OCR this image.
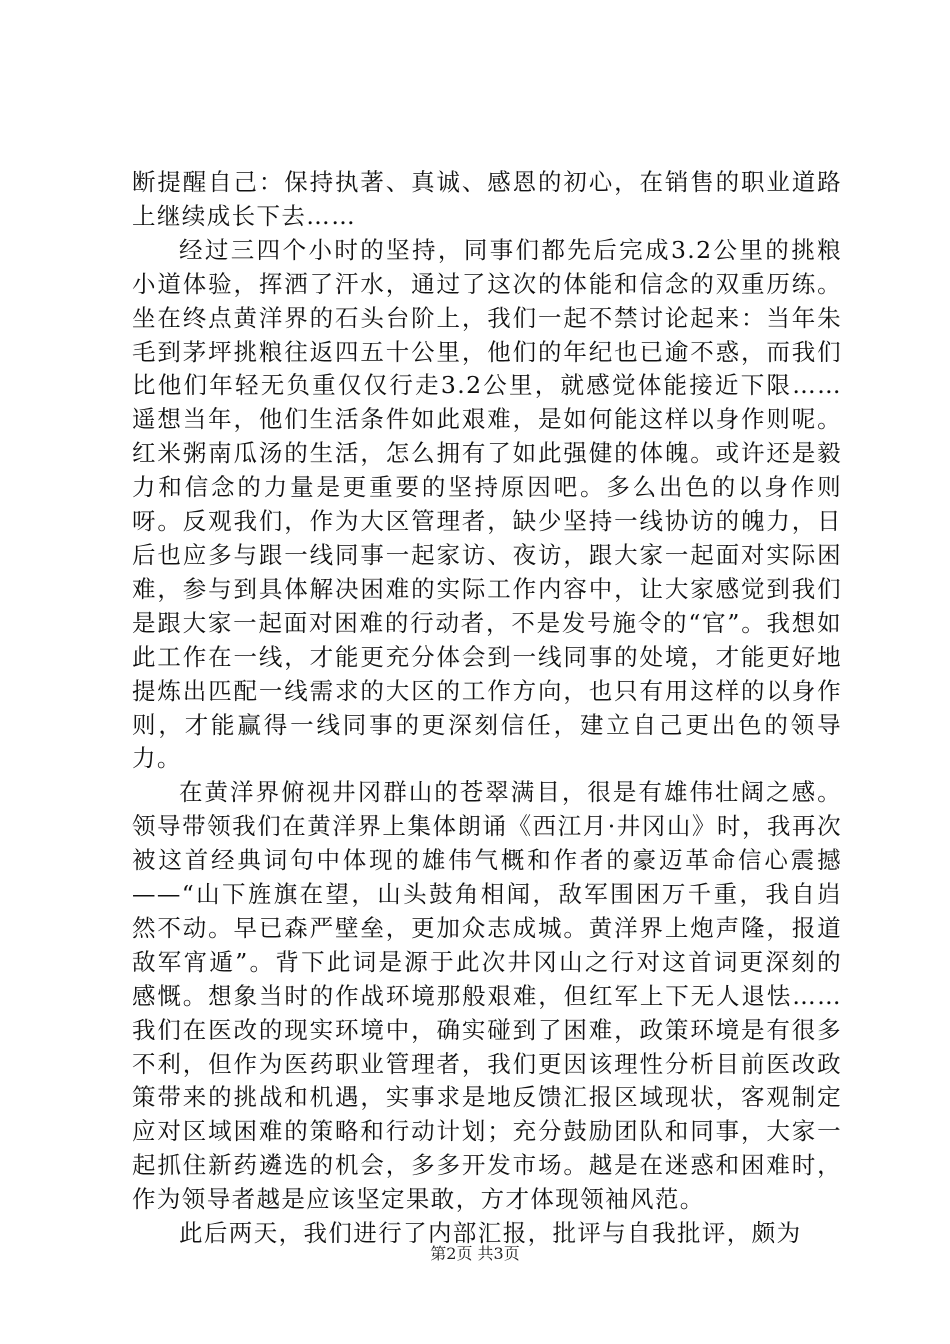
断提醒自己：保持执著、真诚、感恩的初心，在销售的职业道路上继续成长下去……

经过三四个小时的坚持，同事们都先后完成3.2公里的挑粮小道体验，挥洒了汗水，通过了这次的体能和信念的双重历练。坐在终点黄洋界的石头台阶上，我们一起不禁讨论起来：当年朱毛到茅坪挑粮往返四五十公里，他们的年纪也已逾不惑，而我们比他们年轻无负重仅仅行走3.2公里，就感觉体能接近下限……遥想当年，他们生活条件如此艰难，是如何能这样以身作则呢。红米粥南瓜汤的生活，怎么拥有了如此强健的体魄。或许还是毅力和信念的力量是更重要的坚持原因吧。多么出色的以身作则呀。反观我们，作为大区管理者，缺少坚持一线协访的魄力，日后也应多与跟一线同事一起家访、夜访，跟大家一起面对实际困难，参与到具体解决困难的实际工作内容中，让大家感觉到我们是跟大家一起面对困难的行动者，不是发号施令的“官”。我想如此工作在一线，才能更充分体会到一线同事的处境，才能更好地提炼出匹配一线需求的大区的工作方向，也只有用这样的以身作则，才能赢得一线同事的更深刻信任，建立自己更出色的领导力。

在黄洋界俯视井冈群山的苍翠满目，很是有雄伟壮阔之感。领导带领我们在黄洋界上集体朗诵《西江月·井冈山》时，我再次被这首经典词句中体现的雄伟气概和作者的豪迈革命信心震撼——“山下旌旗在望，山头鼓角相闻，敌军围困万千重，我自岿然不动。早已森严壁垒，更加众志成城。黄洋界上炮声隆，报道敌军宵遁”。背下此词是源于此次井冈山之行对这首词更深刻的感慨。想象当时的作战环境那般艰难，但红军上下无人退怯……我们在医改的现实环境中，确实碰到了困难，政策环境是有很多不利，但作为医药职业管理者，我们更因该理性分析目前医改政策带来的挑战和机遇，实事求是地反馈汇报区域现状，客观制定应对区域困难的策略和行动计划；充分鼓励团队和同事，大家一起抓住新药遴选的机会，多多开发市场。越是在迷惑和困难时，作为领导者越是应该坚定果敢，方才体现领袖风范。

此后两天，我们进行了内部汇报，批评与自我批评，颇为

第2页 共3页
